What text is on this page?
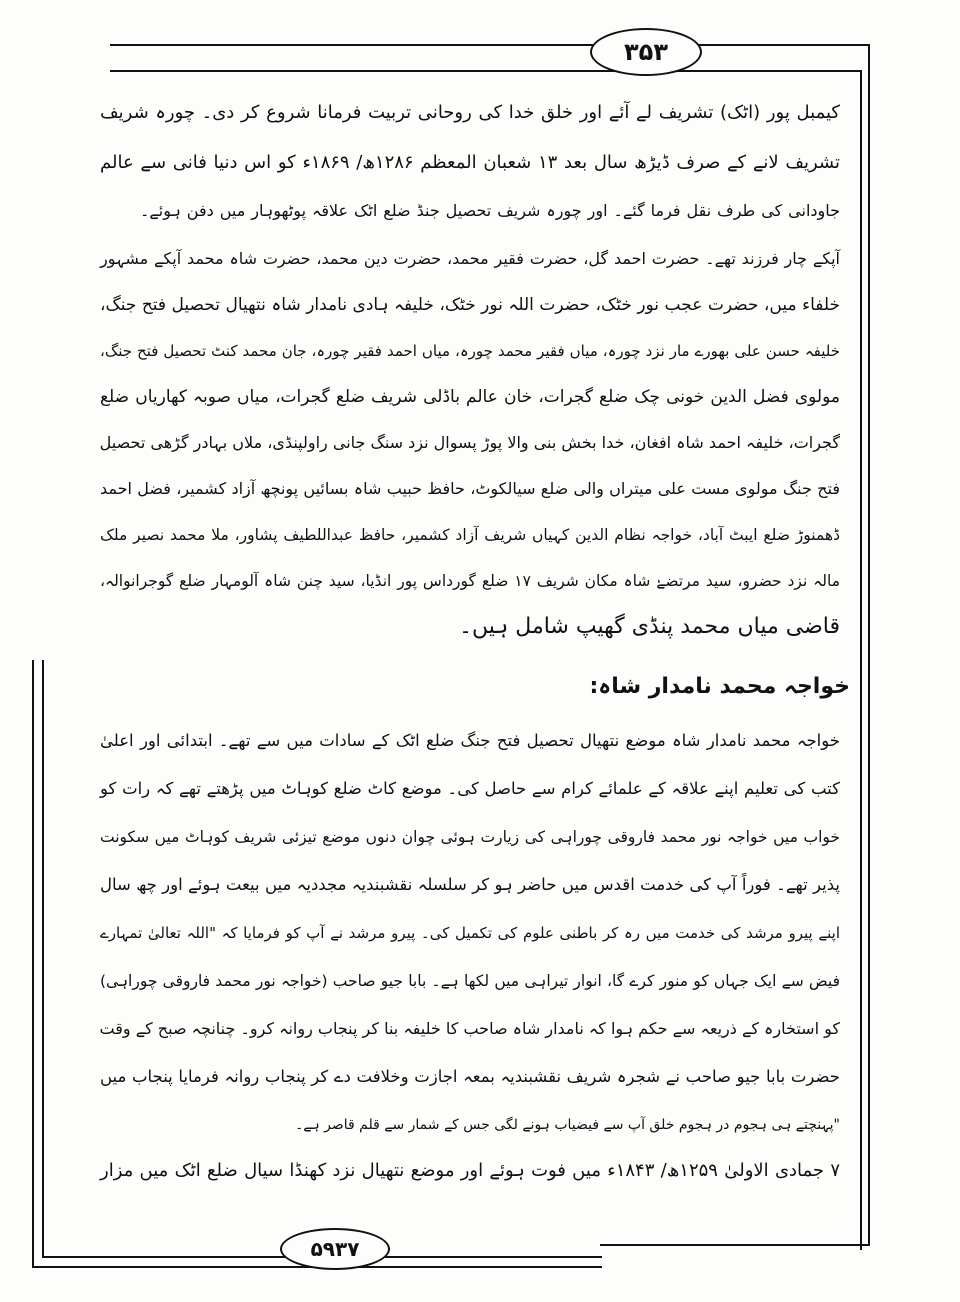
۳۵۳
۵۹۳۷
کیمبل پور (اٹک) تشریف لے آئے اور خلق خدا کی روحانی تربیت فرمانا شروع کر دی۔ چورہ شریف
تشریف لانے کے صرف ڈیڑھ سال بعد ۱۳ شعبان المعظم ۱۲۸۶ھ/ ۱۸۶۹ء کو اس دنیا فانی سے عالم
جاودانی کی طرف نقل فرما گئے۔ اور چورہ شریف تحصیل جنڈ ضلع اٹک علاقہ پوٹھوہار میں دفن ہوئے۔
آپکے چار فرزند تھے۔ حضرت احمد گل، حضرت فقیر محمد، حضرت دین محمد، حضرت شاہ محمد آپکے مشہور
خلفاء میں، حضرت عجب نور خٹک، حضرت اللہ نور خٹک، خلیفہ ہادی نامدار شاہ نتھیال تحصیل فتح جنگ،
خلیفہ حسن علی بھورے مار نزد چورہ، میاں فقیر محمد چورہ، میاں احمد فقیر چورہ، جان محمد کنٹ تحصیل فتح جنگ،
مولوی فضل الدین خونی چک ضلع گجرات، خان عالم باڈلی شریف ضلع گجرات، میاں صوبہ کھاریاں ضلع
گجرات، خلیفہ احمد شاہ افغان، خدا بخش بنی والا پوڑ پسوال نزد سنگ جانی راولپنڈی، ملاں بہادر گڑھی تحصیل
فتح جنگ مولوی مست علی میتراں والی ضلع سیالکوٹ، حافظ حبیب شاہ بسائیں پونچھ آزاد کشمیر، فضل احمد
ڈھمنوڑ ضلع ایبٹ آباد، خواجہ نظام الدین کہیاں شریف آزاد کشمیر، حافظ عبداللطیف پشاور، ملا محمد نصیر ملک
مالہ نزد حضرو، سید مرتضےٰ شاہ مکان شریف ۱۷ ضلع گورداس پور انڈیا، سید چنن شاہ آلومہار ضلع گوجرانوالہ،
قاضی میاں محمد پنڈی گھیپ شامل ہیں۔
خواجہ محمد نامدار شاہ:
خواجہ محمد نامدار شاہ موضع نتھیال تحصیل فتح جنگ ضلع اٹک کے سادات میں سے تھے۔ ابتدائی اور اعلیٰ
کتب کی تعلیم اپنے علاقہ کے علمائے کرام سے حاصل کی۔ موضع کاٹ ضلع کوہاٹ میں پڑھتے تھے کہ رات کو
خواب میں خواجہ نور محمد فاروقی چوراہی کی زیارت ہوئی چوان دنوں موضع تیزئی شریف کوہاٹ میں سکونت
پذیر تھے۔ فوراً آپ کی خدمت اقدس میں حاضر ہو کر سلسلہ نقشبندیہ مجددیہ میں بیعت ہوئے اور چھ سال
اپنے پیرو مرشد کی خدمت میں رہ کر باطنی علوم کی تکمیل کی۔ پیرو مرشد نے آپ کو فرمایا کہ "اللہ تعالیٰ تمہارے
فیض سے ایک جہاں کو منور کرے گا، انوار تیراہی میں لکھا ہے۔ بابا جیو صاحب (خواجہ نور محمد فاروقی چوراہی)
کو استخارہ کے ذریعہ سے حکم ہوا کہ نامدار شاہ صاحب کا خلیفہ بنا کر پنجاب روانہ کرو۔ چنانچہ صبح کے وقت
حضرت بابا جیو صاحب نے شجرہ شریف نقشبندیہ بمعہ اجازت وخلافت دے کر پنجاب روانہ فرمایا پنجاب میں
"پہنچتے ہی ہجوم در ہجوم خلق آپ سے فیضیاب ہونے لگی جس کے شمار سے قلم قاصر ہے۔
۷ جمادی الاولیٰ ۱۲۵۹ھ/ ۱۸۴۳ء میں فوت ہوئے اور موضع نتھیال نزد کھنڈا سیال ضلع اٹک میں مزار
